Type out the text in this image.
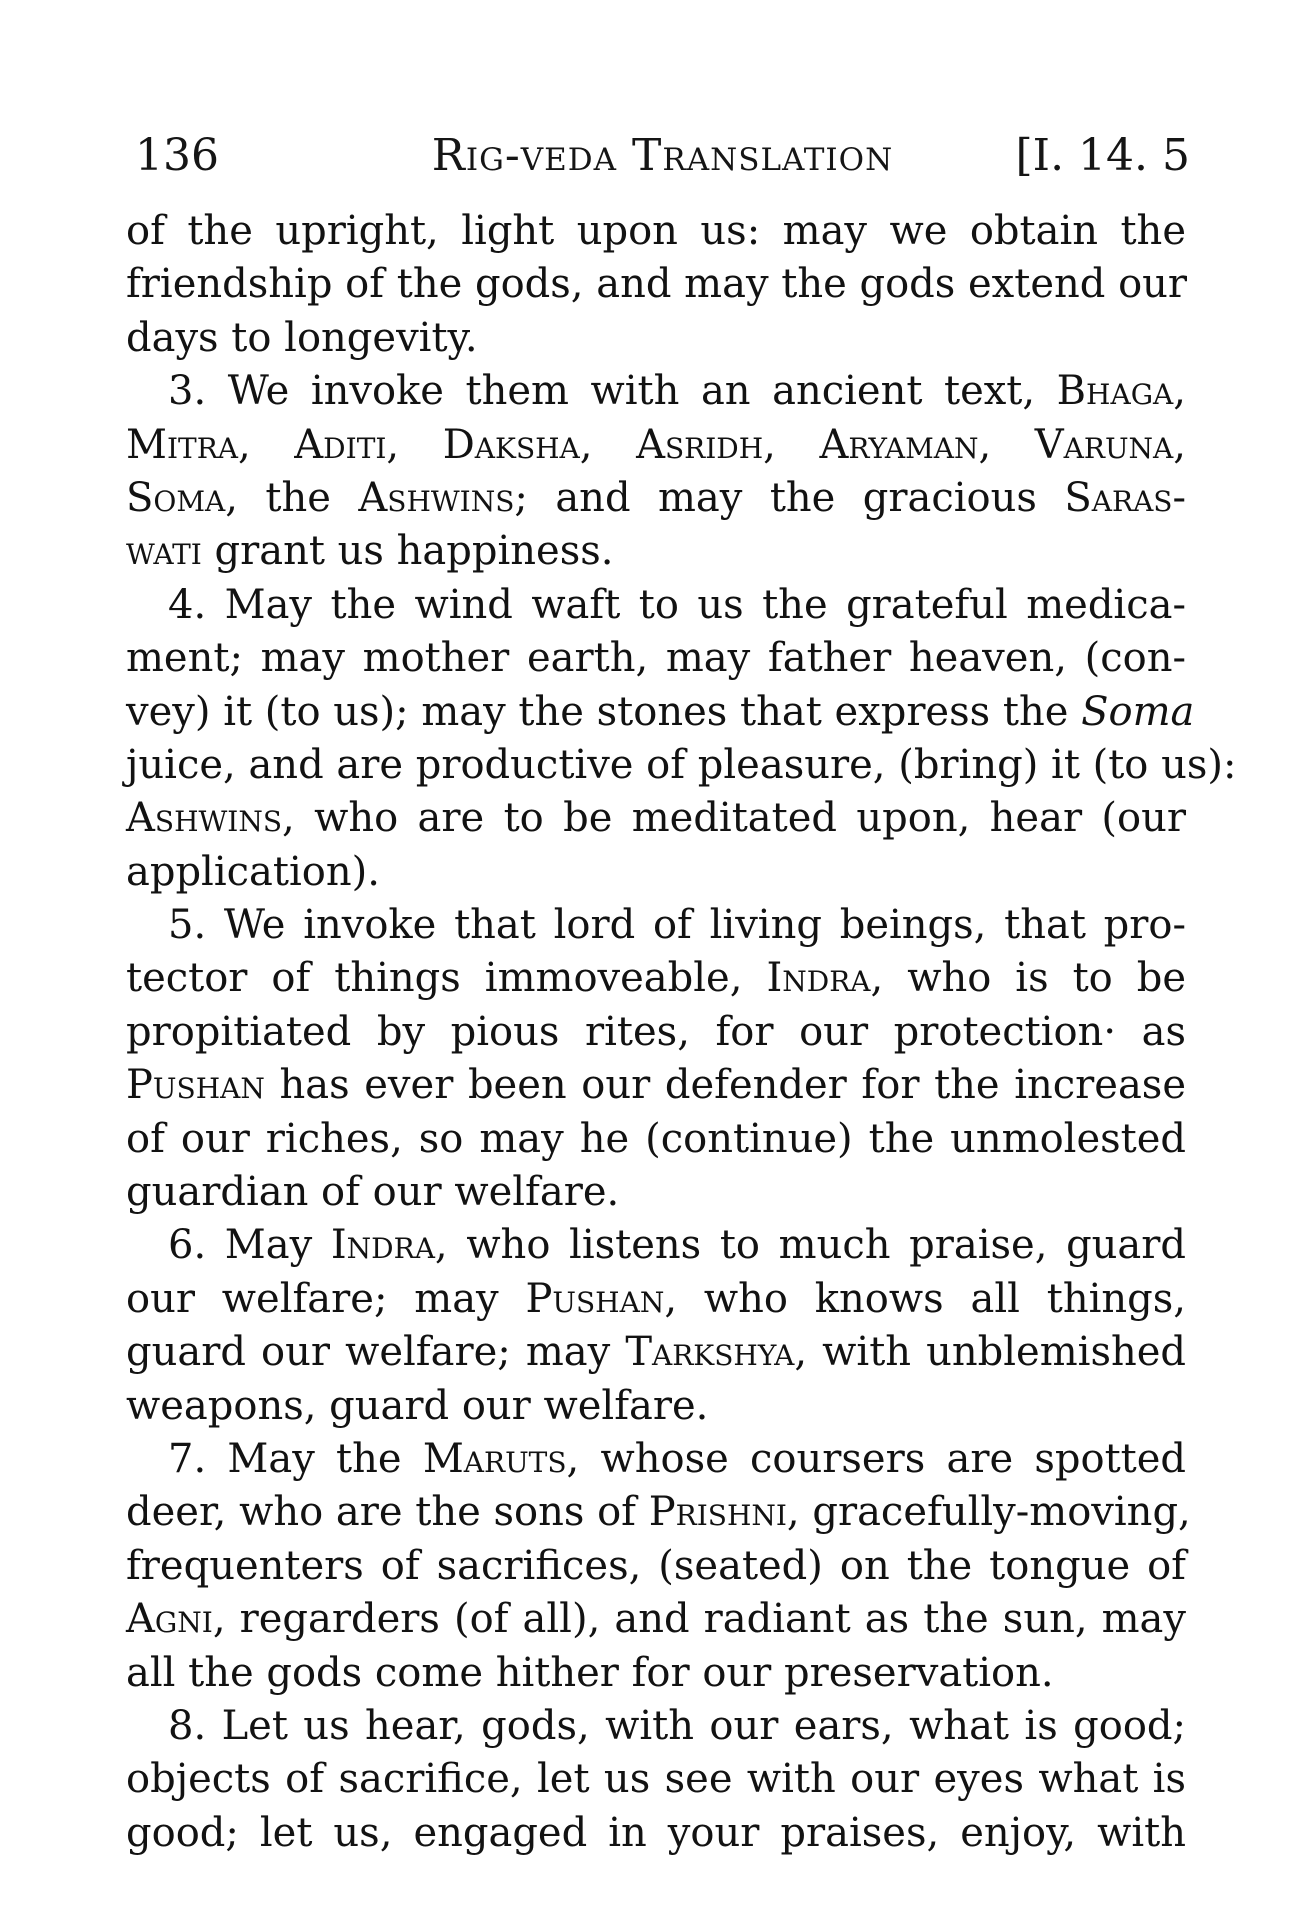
136	Rig-veda Translation	[I. 14. 5
of the upright, light upon us: may we obtain the
friendship of the gods, and may the gods extend our
days to longevity.
3. We invoke them with an ancient text, Bhaga,
Mitra, Aditi, Daksha, Asridh, Aryaman, Varuna,
Soma, the Ashwins; and may the gracious Saras-
wati grant us happiness.
4. May the wind waft to us the grateful medica-
ment; may mother earth, may father heaven, (con-
vey) it (to us); may the stones that express the Soma
juice, and are productive of pleasure, (bring) it (to us):
Ashwins, who are to be meditated upon, hear (our
application).
5. We invoke that lord of living beings, that pro-
tector of things immoveable, Indra, who is to be
propitiated by pious rites, for our protection· as
Pushan has ever been our defender for the increase
of our riches, so may he (continue) the unmolested
guardian of our welfare.
6. May Indra, who listens to much praise, guard
our welfare; may Pushan, who knows all things,
guard our welfare; may Tarkshya, with unblemished
weapons, guard our welfare.
7. May the Maruts, whose coursers are spotted
deer, who are the sons of Prishni, gracefully-moving,
frequenters of sacrifices, (seated) on the tongue of
Agni, regarders (of all), and radiant as the sun, may
all the gods come hither for our preservation.
8. Let us hear, gods, with our ears, what is good;
objects of sacrifice, let us see with our eyes what is
good; let us, engaged in your praises, enjoy, with
